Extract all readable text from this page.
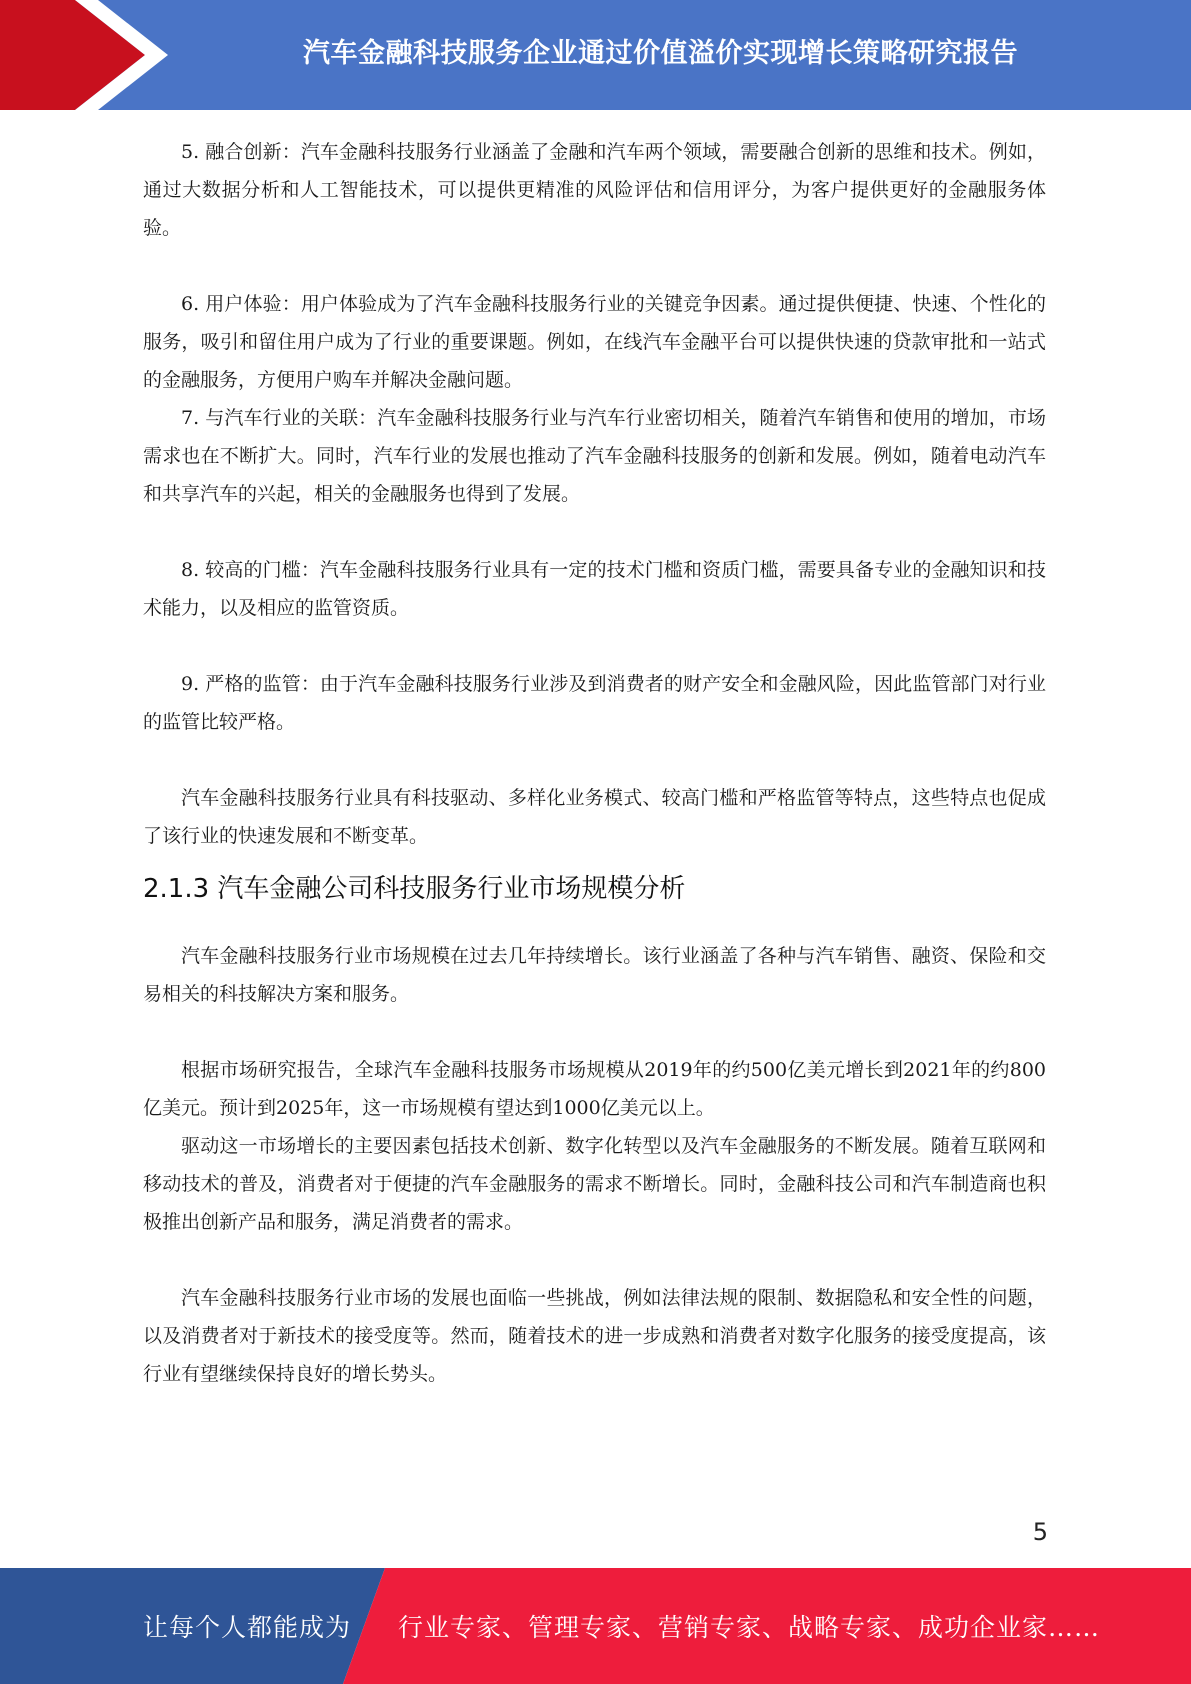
汽车金融科技服务企业通过价值溢价实现增长策略研究报告

5. 融合创新：汽车金融科技服务行业涵盖了金融和汽车两个领域，需要融合创新的思维和技术。例如，通过大数据分析和人工智能技术，可以提供更精准的风险评估和信用评分，为客户提供更好的金融服务体验。

6. 用户体验：用户体验成为了汽车金融科技服务行业的关键竞争因素。通过提供便捷、快速、个性化的服务，吸引和留住用户成为了行业的重要课题。例如，在线汽车金融平台可以提供快速的贷款审批和一站式的金融服务，方便用户购车并解决金融问题。

7. 与汽车行业的关联：汽车金融科技服务行业与汽车行业密切相关，随着汽车销售和使用的增加，市场需求也在不断扩大。同时，汽车行业的发展也推动了汽车金融科技服务的创新和发展。例如，随着电动汽车和共享汽车的兴起，相关的金融服务也得到了发展。

8. 较高的门槛：汽车金融科技服务行业具有一定的技术门槛和资质门槛，需要具备专业的金融知识和技术能力，以及相应的监管资质。

9. 严格的监管：由于汽车金融科技服务行业涉及到消费者的财产安全和金融风险，因此监管部门对行业的监管比较严格。

汽车金融科技服务行业具有科技驱动、多样化业务模式、较高门槛和严格监管等特点，这些特点也促成了该行业的快速发展和不断变革。

2.1.3 汽车金融公司科技服务行业市场规模分析

汽车金融科技服务行业市场规模在过去几年持续增长。该行业涵盖了各种与汽车销售、融资、保险和交易相关的科技解决方案和服务。

根据市场研究报告，全球汽车金融科技服务市场规模从2019年的约500亿美元增长到2021年的约800亿美元。预计到2025年，这一市场规模有望达到1000亿美元以上。

驱动这一市场增长的主要因素包括技术创新、数字化转型以及汽车金融服务的不断发展。随着互联网和移动技术的普及，消费者对于便捷的汽车金融服务的需求不断增长。同时，金融科技公司和汽车制造商也积极推出创新产品和服务，满足消费者的需求。

汽车金融科技服务行业市场的发展也面临一些挑战，例如法律法规的限制、数据隐私和安全性的问题，以及消费者对于新技术的接受度等。然而，随着技术的进一步成熟和消费者对数字化服务的接受度提高，该行业有望继续保持良好的增长势头。

5
让每个人都能成为 行业专家、管理专家、营销专家、战略专家、成功企业家……
